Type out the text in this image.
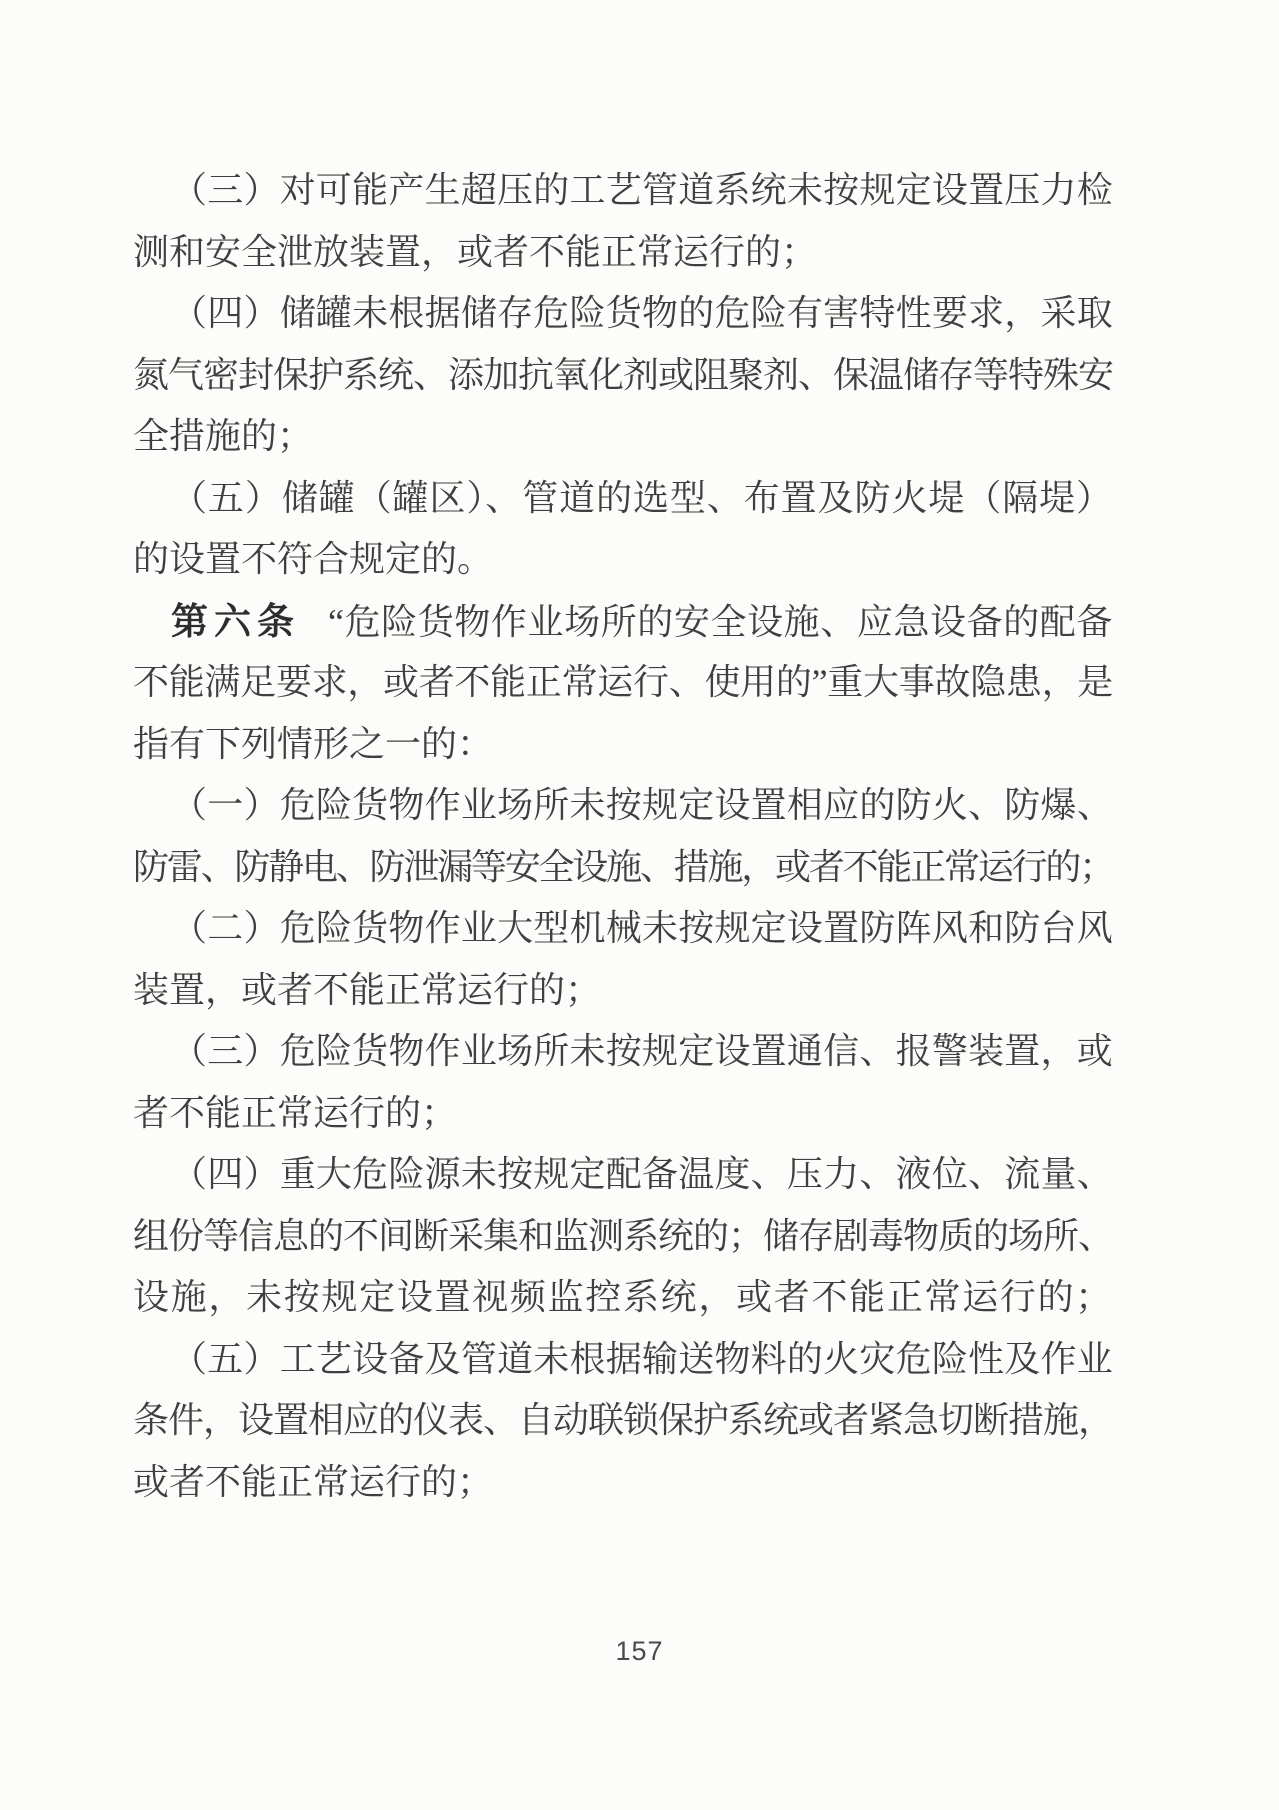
（三）对可能产生超压的工艺管道系统未按规定设置压力检
测和安全泄放装置，或者不能正常运行的；
（四）储罐未根据储存危险货物的危险有害特性要求，采取
氮气密封保护系统、添加抗氧化剂或阻聚剂、保温储存等特殊安
全措施的；
（五）储罐（罐区）、管道的选型、布置及防火堤（隔堤）
的设置不符合规定的。
第六条 “危险货物作业场所的安全设施、应急设备的配备
不能满足要求，或者不能正常运行、使用的”重大事故隐患，是
指有下列情形之一的：
（一）危险货物作业场所未按规定设置相应的防火、防爆、
防雷、防静电、防泄漏等安全设施、措施，或者不能正常运行的；
（二）危险货物作业大型机械未按规定设置防阵风和防台风
装置，或者不能正常运行的；
（三）危险货物作业场所未按规定设置通信、报警装置，或
者不能正常运行的；
（四）重大危险源未按规定配备温度、压力、液位、流量、
组份等信息的不间断采集和监测系统的；储存剧毒物质的场所、
设施，未按规定设置视频监控系统，或者不能正常运行的；
（五）工艺设备及管道未根据输送物料的火灾危险性及作业
条件，设置相应的仪表、自动联锁保护系统或者紧急切断措施，
或者不能正常运行的；
157
